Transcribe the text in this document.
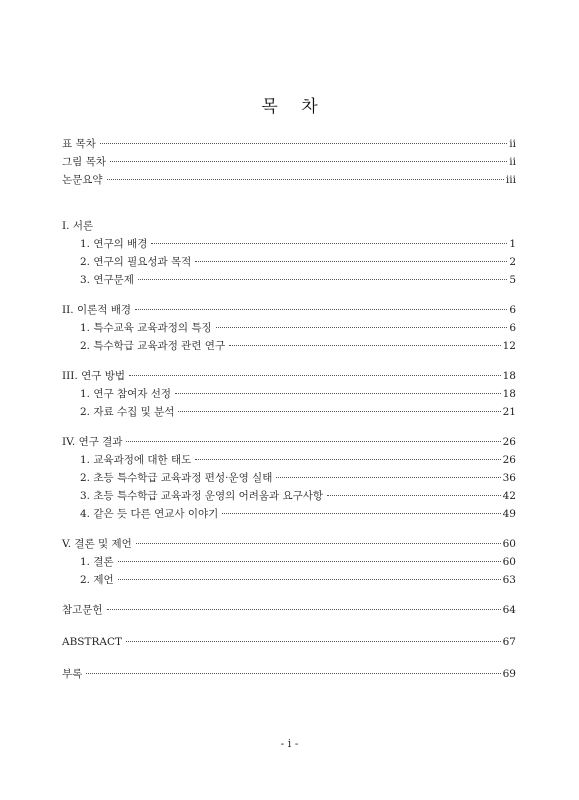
목 차
표 목차	ii
그림 목차	ii
논문요약	iii
Ⅰ. 서론
1. 연구의 배경	1
2. 연구의 필요성과 목적	2
3. 연구문제	5
II. 이론적 배경	6
1. 특수교육 교육과정의 특징	6
2. 특수학급 교육과정 관련 연구	12
III. 연구 방법	18
1. 연구 참여자 선정	18
2. 자료 수집 및 분석	21
IV. 연구 결과	26
1. 교육과정에 대한 태도	26
2. 초등 특수학급 교육과정 편성·운영 실태	36
3. 초등 특수학급 교육과정 운영의 어려움과 요구사항	42
4. 같은 듯 다른 연교사 이야기	49
V. 결론 및 제언	60
1. 결론	60
2. 제언	63
참고문헌	64
ABSTRACT	67
부록	69
- i -
